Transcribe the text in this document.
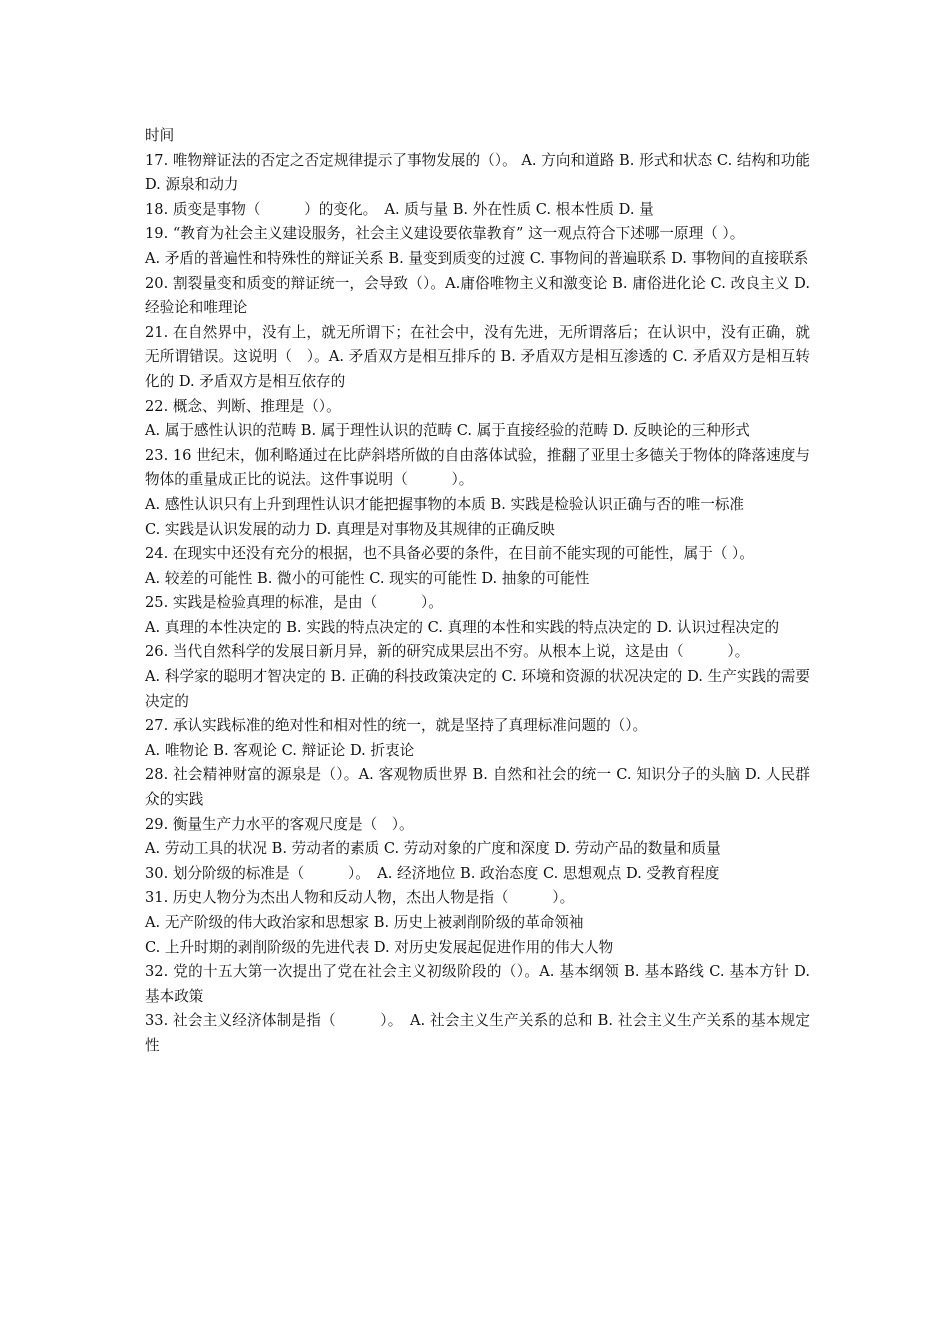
时间

17. 唯物辩证法的否定之否定规律提示了事物发展的（）。 A. 方向和道路 B. 形式和状态 C. 结构和功能 D. 源泉和动力

18. 质变是事物（　　　）的变化。　A. 质与量 B. 外在性质 C. 根本性质 D. 量

19. “教育为社会主义建设服务，社会主义建设要依靠教育” 这一观点符合下述哪一原理（ ）。

A. 矛盾的普遍性和特殊性的辩证关系 B. 量变到质变的过渡 C. 事物间的普遍联系 D. 事物间的直接联系

20. 割裂量变和质变的辩证统一，会导致（）。A.庸俗唯物主义和激变论 B. 庸俗进化论 C. 改良主义 D. 经验论和唯理论

21. 在自然界中，没有上，就无所谓下；在社会中，没有先进，无所谓落后；在认识中，没有正确，就无所谓错误。这说明（　）。A. 矛盾双方是相互排斥的 B. 矛盾双方是相互渗透的 C. 矛盾双方是相互转化的 D. 矛盾双方是相互依存的

22. 概念、判断、推理是（）。

A. 属于感性认识的范畴 B. 属于理性认识的范畴 C. 属于直接经验的范畴 D. 反映论的三种形式

23. 16 世纪末，伽利略通过在比萨斜塔所做的自由落体试验，推翻了亚里士多德关于物体的降落速度与物体的重量成正比的说法。这件事说明（　　　）。

A. 感性认识只有上升到理性认识才能把握事物的本质 B. 实践是检验认识正确与否的唯一标准

C. 实践是认识发展的动力 D. 真理是对事物及其规律的正确反映

24. 在现实中还没有充分的根据，也不具备必要的条件，在目前不能实现的可能性，属于（ ）。

A. 较差的可能性 B. 微小的可能性 C. 现实的可能性 D. 抽象的可能性

25. 实践是检验真理的标准，是由（　　　）。

A. 真理的本性决定的 B. 实践的特点决定的 C. 真理的本性和实践的特点决定的 D. 认识过程决定的

26. 当代自然科学的发展日新月异，新的研究成果层出不穷。从根本上说，这是由（　　　）。

A. 科学家的聪明才智决定的 B. 正确的科技政策决定的 C. 环境和资源的状况决定的 D. 生产实践的需要决定的

27. 承认实践标准的绝对性和相对性的统一，就是坚持了真理标准问题的（）。

A. 唯物论 B. 客观论 C. 辩证论 D. 折衷论

28. 社会精神财富的源泉是（）。A. 客观物质世界 B. 自然和社会的统一 C. 知识分子的头脑 D. 人民群众的实践

29. 衡量生产力水平的客观尺度是（　）。

A. 劳动工具的状况 B. 劳动者的素质 C. 劳动对象的广度和深度 D. 劳动产品的数量和质量

30. 划分阶级的标准是（　　　）。　A. 经济地位 B. 政治态度 C. 思想观点 D. 受教育程度

31. 历史人物分为杰出人物和反动人物，杰出人物是指（　　　）。

A. 无产阶级的伟大政治家和思想家 B. 历史上被剥削阶级的革命领袖

C. 上升时期的剥削阶级的先进代表 D. 对历史发展起促进作用的伟大人物

32. 党的十五大第一次提出了党在社会主义初级阶段的（）。A. 基本纲领 B. 基本路线 C. 基本方针 D. 基本政策

33. 社会主义经济体制是指（　　　）。　A. 社会主义生产关系的总和 B. 社会主义生产关系的基本规定性
